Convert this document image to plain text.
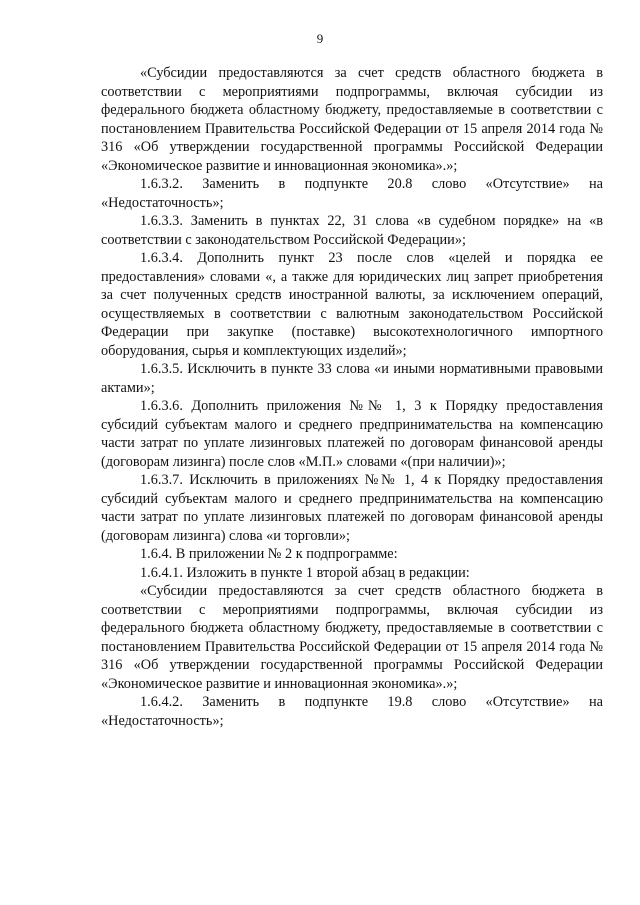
9

«Субсидии предоставляются за счет средств областного бюджета в соответствии с мероприятиями подпрограммы, включая субсидии из федерального бюджета областному бюджету, предоставляемые в соответствии с постановлением Правительства Российской Федерации от 15 апреля 2014 года № 316 «Об утверждении государственной программы Российской Федерации «Экономическое развитие и инновационная экономика».»;

1.6.3.2. Заменить в подпункте 20.8 слово «Отсутствие» на «Недостаточность»;

1.6.3.3. Заменить в пунктах 22, 31 слова «в судебном порядке» на «в соответствии с законодательством Российской Федерации»;

1.6.3.4. Дополнить пункт 23 после слов «целей и порядка ее предоставления» словами «, а также для юридических лиц запрет приобретения за счет полученных средств иностранной валюты, за исключением операций, осуществляемых в соответствии с валютным законодательством Российской Федерации при закупке (поставке) высокотехнологичного импортного оборудования, сырья и комплектующих изделий»;

1.6.3.5. Исключить в пункте 33 слова «и иными нормативными правовыми актами»;

1.6.3.6. Дополнить приложения №№ 1, 3 к Порядку предоставления субсидий субъектам малого и среднего предпринимательства на компенсацию части затрат по уплате лизинговых платежей по договорам финансовой аренды (договорам лизинга) после слов «М.П.» словами «(при наличии)»;

1.6.3.7. Исключить в приложениях №№ 1, 4 к Порядку предоставления субсидий субъектам малого и среднего предпринимательства на компенсацию части затрат по уплате лизинговых платежей по договорам финансовой аренды (договорам лизинга) слова «и торговли»;

1.6.4. В приложении № 2 к подпрограмме:

1.6.4.1. Изложить в пункте 1 второй абзац в редакции:

«Субсидии предоставляются за счет средств областного бюджета в соответствии с мероприятиями подпрограммы, включая субсидии из федерального бюджета областному бюджету, предоставляемые в соответствии с постановлением Правительства Российской Федерации от 15 апреля 2014 года № 316 «Об утверждении государственной программы Российской Федерации «Экономическое развитие и инновационная экономика».»;

1.6.4.2. Заменить в подпункте 19.8 слово «Отсутствие» на «Недостаточность»;
